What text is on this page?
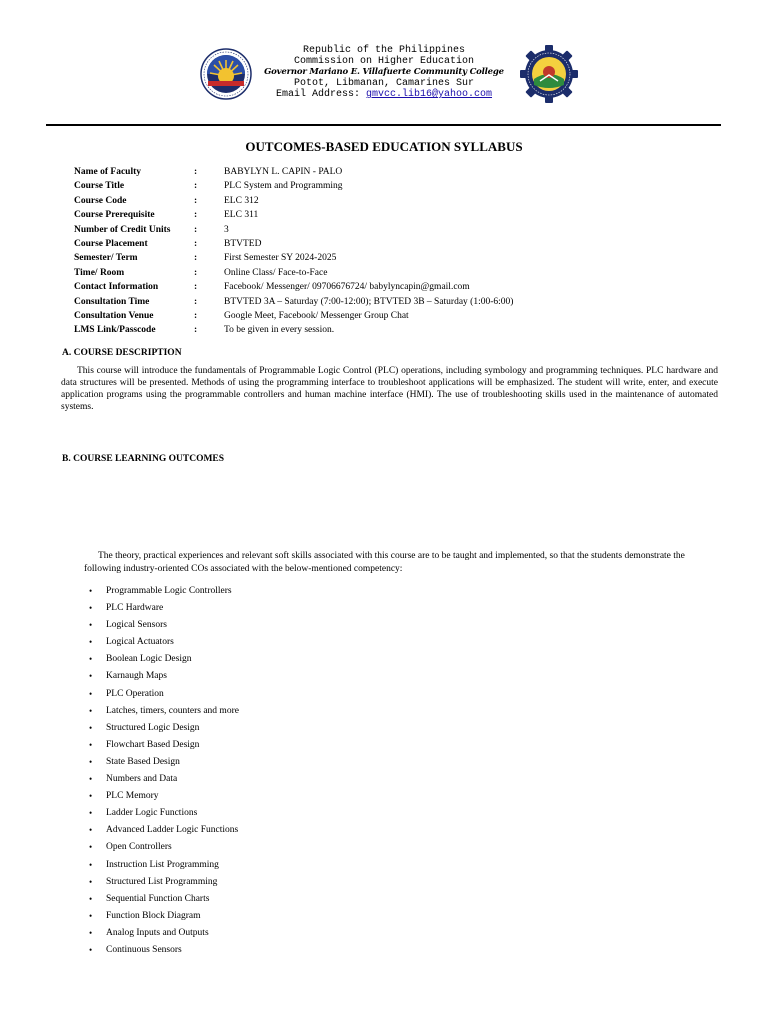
Republic of the Philippines
Commission on Higher Education
Governor Mariano E. Villafuerte Community College
Potot, Libmanan, Camarines Sur
Email Address: gmvcc.lib16@yahoo.com
OUTCOMES-BASED EDUCATION SYLLABUS
Name of Faculty	:	BABYLYN L. CAPIN - PALO
Course Title	:	PLC System and Programming
Course Code	:	ELC 312
Course Prerequisite	:	ELC 311
Number of Credit Units :	3
Course Placement	:	BTVTED
Semester/ Term	:	First Semester SY 2024-2025
Time/ Room	:	Online Class/ Face-to-Face
Contact Information	:	Facebook/ Messenger/ 09706676724/ babylyncapin@gmail.com
Consultation Time	:	BTVTED 3A – Saturday (7:00-12:00); BTVTED 3B – Saturday (1:00-6:00)
Consultation Venue	:	Google Meet, Facebook/ Messenger Group Chat
LMS Link/Passcode	:	To be given in every session.
A. COURSE DESCRIPTION

This course will introduce the fundamentals of Programmable Logic Control (PLC) operations, including symbology and programming techniques. PLC hardware and data structures will be presented. Methods of using the programming interface to troubleshoot applications will be emphasized. The student will write, enter, and execute application programs using the programmable controllers and human machine interface (HMI). The use of troubleshooting skills used in the maintenance of automated systems.

B. COURSE LEARNING OUTCOMES

The theory, practical experiences and relevant soft skills associated with this course are to be taught and implemented, so that the students demonstrate the following industry-oriented COs associated with the below-mentioned competency:

• Programmable Logic Controllers
• PLC Hardware
• Logical Sensors
• Logical Actuators
• Boolean Logic Design
• Karnaugh Maps
• PLC Operation
• Latches, timers, counters and more
• Structured Logic Design
• Flowchart Based Design
• State Based Design
• Numbers and Data
• PLC Memory
• Ladder Logic Functions
• Advanced Ladder Logic Functions
• Open Controllers
• Instruction List Programming
• Structured List Programming
• Sequential Function Charts
• Function Block Diagram
• Analog Inputs and Outputs
• Continuous Sensors
